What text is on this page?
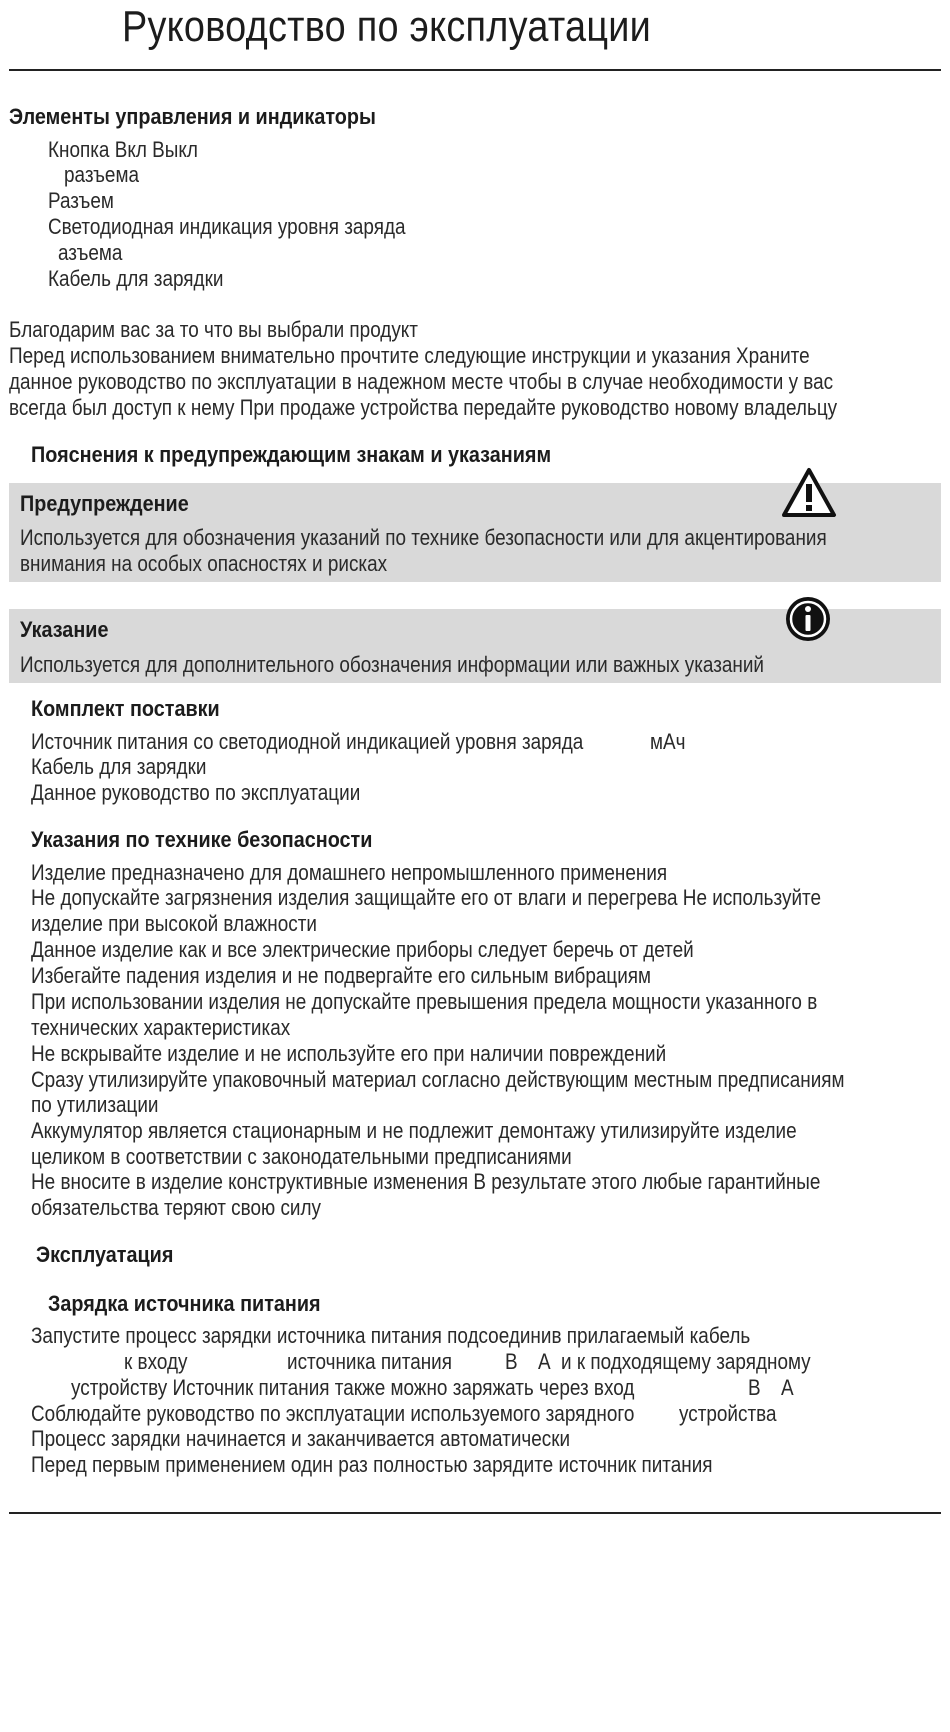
Руководство по эксплуатации
Элементы управления и индикаторы
Кнопка Вкл Выкл
разъема
Разъем
Светодиодная индикация уровня заряда
азъема
Кабель для зарядки
Благодарим вас за то что вы выбрали продукт
Перед использованием внимательно прочтите следующие инструкции и указания Храните
данное руководство по эксплуатации в надежном месте чтобы в случае необходимости у вас
всегда был доступ к нему При продаже устройства передайте руководство новому владельцу
Пояснения к предупреждающим знакам и указаниям
Предупреждение
Используется для обозначения указаний по технике безопасности или для акцентирования
внимания на особых опасностях и рисках
Указание
Используется для дополнительного обозначения информации или важных указаний
Комплект поставки
Источник питания со светодиодной индикацией уровня заряда	мАч
Кабель для зарядки
Данное руководство по эксплуатации
Указания по технике безопасности
Изделие предназначено для домашнего непромышленного применения
Не допускайте загрязнения изделия защищайте его от влаги и перегрева Не используйте
изделие при высокой влажности
Данное изделие как и все электрические приборы следует беречь от детей
Избегайте падения изделия и не подвергайте его сильным вибрациям
При использовании изделия не допускайте превышения предела мощности указанного в
технических характеристиках
Не вскрывайте изделие и не используйте его при наличии повреждений
Сразу утилизируйте упаковочный материал согласно действующим местным предписаниям
по утилизации
Аккумулятор является стационарным и не подлежит демонтажу утилизируйте изделие
целиком в соответствии с законодательными предписаниями
Не вносите в изделие конструктивные изменения В результате этого любые гарантийные
обязательства теряют свою силу
Эксплуатация
Зарядка источника питания
Запустите процесс зарядки источника питания подсоединив прилагаемый кабель
к входу	источника питания В А и к подходящему зарядному
устройству Источник питания также можно заряжать через вход	В А
Соблюдайте руководство по эксплуатации используемого зарядного устройства
Процесс зарядки начинается и заканчивается автоматически
Перед первым применением один раз полностью зарядите источник питания
